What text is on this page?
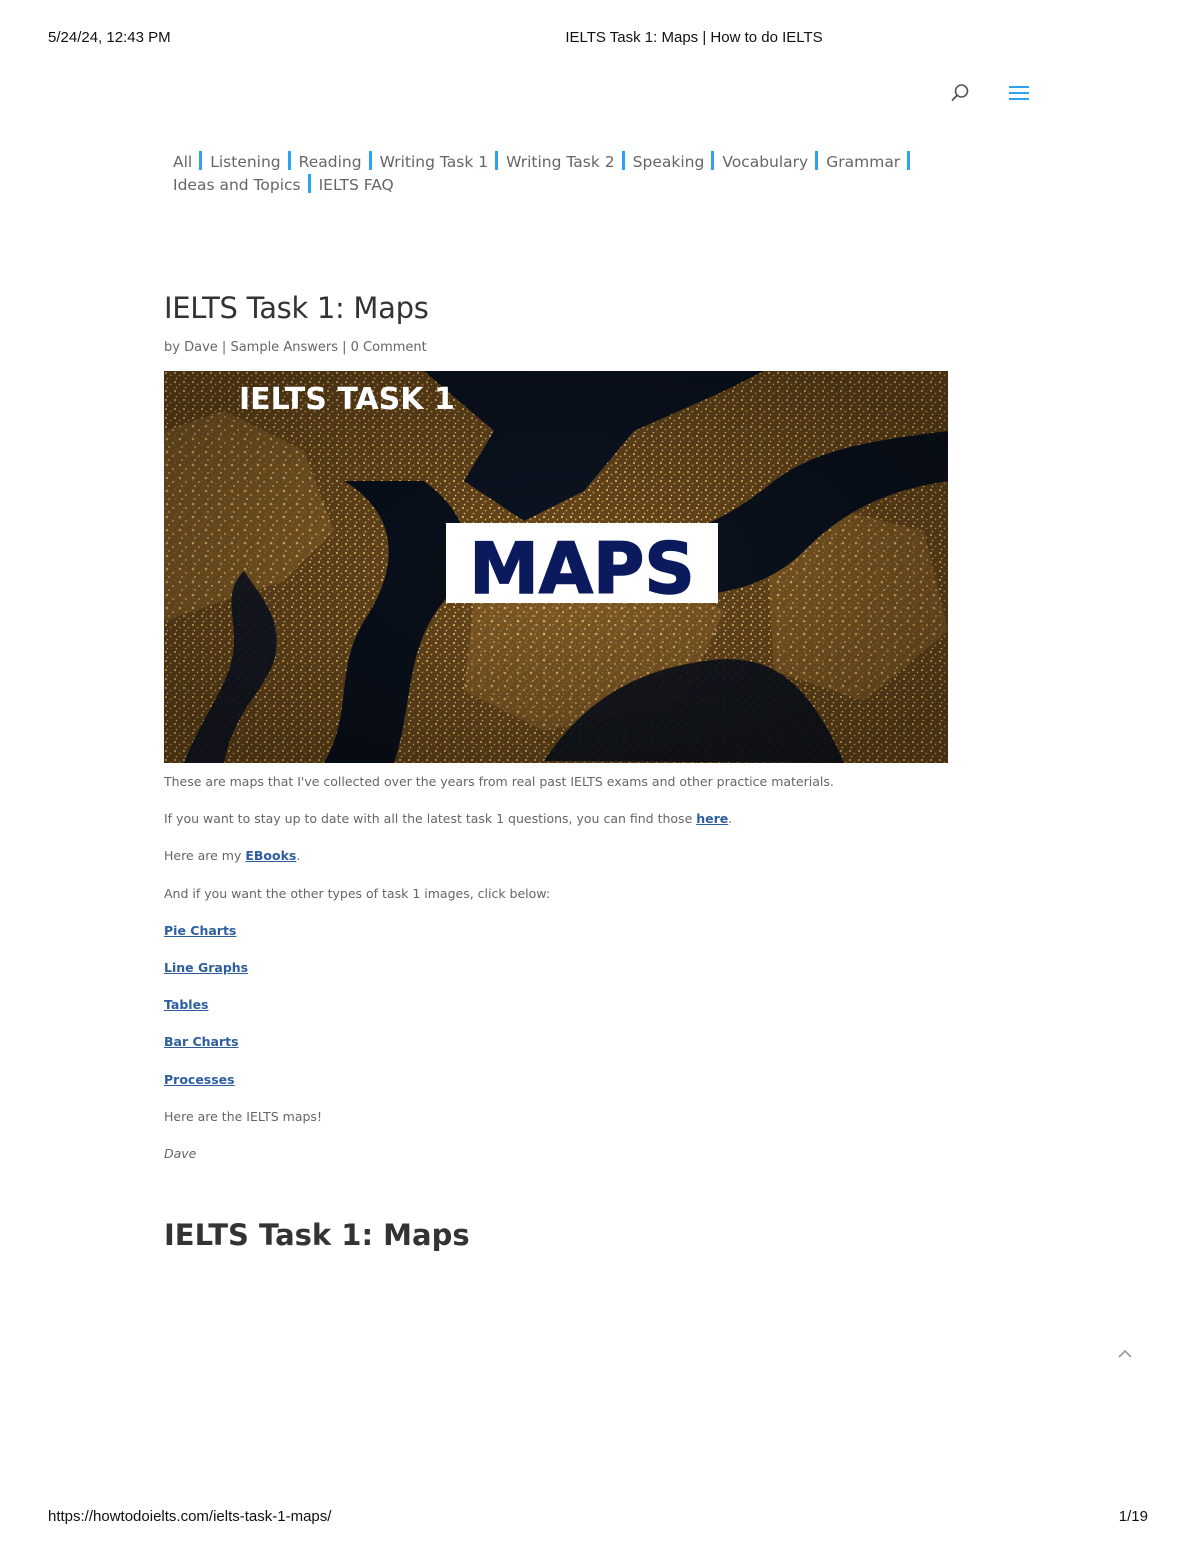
5/24/24, 12:43 PM	IELTS Task 1: Maps | How to do IELTS
All Listening Reading Writing Task 1 Writing Task 2 Speaking Vocabulary Grammar
Ideas and Topics IELTS FAQ
IELTS Task 1: Maps
by Dave | Sample Answers | 0 Comment
IELTS TASK 1
MAPS

These are maps that I've collected over the years from real past IELTS exams and other practice materials.

If you want to stay up to date with all the latest task 1 questions, you can find those here.

Here are my EBooks.

And if you want the other types of task 1 images, click below:

Pie Charts

Line Graphs

Tables

Bar Charts

Processes

Here are the IELTS maps!

Dave

IELTS Task 1: Maps
https://howtodoielts.com/ielts-task-1-maps/	1/19
